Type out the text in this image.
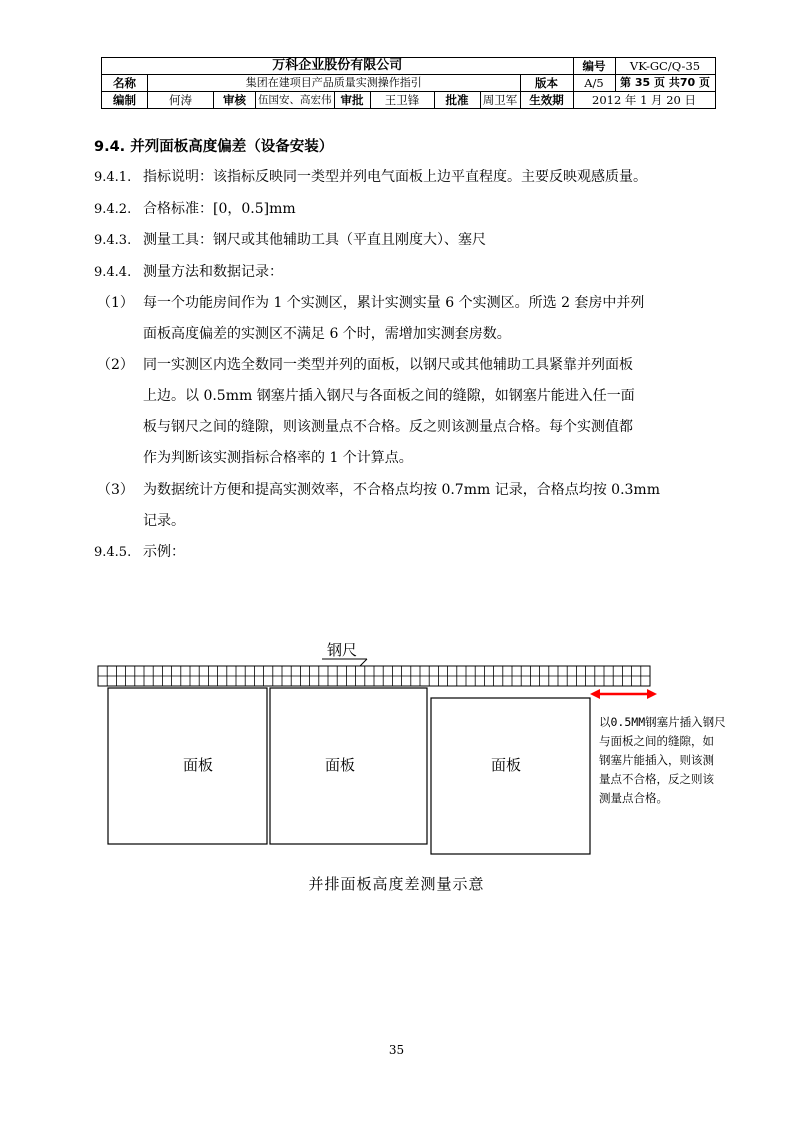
万科企业股份有限公司									编号	VK-GC/Q-35
名称	集团在建项目产品质量实测操作指引							版本	A/5	第 35 页 共70 页
编制	何涛	审核	伍国安、高宏伟	审批	王卫锋	批准	周卫军	生效期	2012 年 1 月 20 日	
9.4. 并列面板高度偏差（设备安装）
9.4.1. 指标说明：该指标反映同一类型并列电气面板上边平直程度。主要反映观感质量。
9.4.2. 合格标准：[0，0.5]mm
9.4.3. 测量工具：钢尺或其他辅助工具（平直且刚度大）、塞尺
9.4.4. 测量方法和数据记录：
（1） 每一个功能房间作为 1 个实测区，累计实测实量 6 个实测区。所选 2 套房中并列
面板高度偏差的实测区不满足 6 个时，需增加实测套房数。
（2） 同一实测区内选全数同一类型并列的面板，以钢尺或其他辅助工具紧靠并列面板
上边。以 0.5mm 钢塞片插入钢尺与各面板之间的缝隙，如钢塞片能进入任一面
板与钢尺之间的缝隙，则该测量点不合格。反之则该测量点合格。每个实测值都
作为判断该实测指标合格率的 1 个计算点。
（3） 为数据统计方便和提高实测效率，不合格点均按 0.7mm 记录，合格点均按 0.3mm
记录。
9.4.5. 示例：
钢尺
面板	面板	面板
以0.5MM钢塞片插入钢尺
与面板之间的缝隙，如
钢塞片能插入，则该测
量点不合格，反之则该
测量点合格。
并排面板高度差测量示意
35
